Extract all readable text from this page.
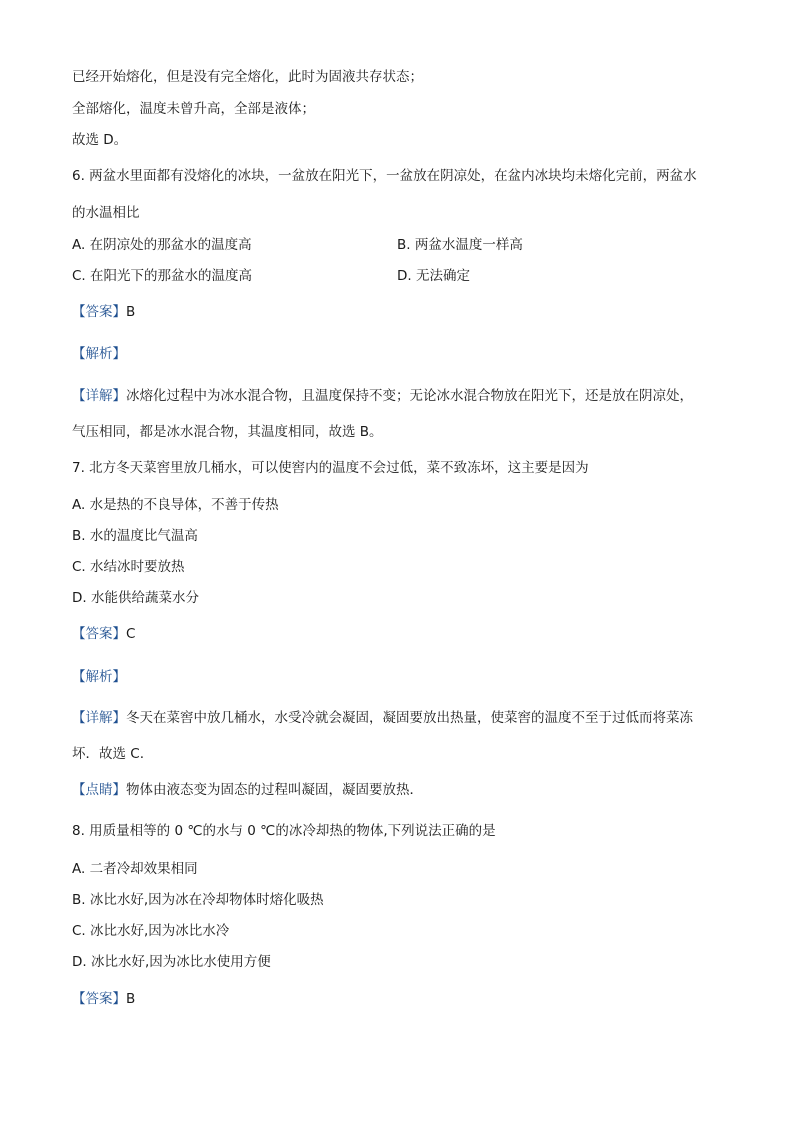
已经开始熔化，但是没有完全熔化，此时为固液共存状态；
全部熔化，温度未曾升高，全部是液体；
故选 D。
6. 两盆水里面都有没熔化的冰块，一盆放在阳光下，一盆放在阴凉处，在盆内冰块均未熔化完前，两盆水
的水温相比
A. 在阴凉处的那盆水的温度高	B. 两盆水温度一样高
C. 在阳光下的那盆水的温度高	D. 无法确定
【答案】B
【解析】
【详解】冰熔化过程中为冰水混合物，且温度保持不变；无论冰水混合物放在阳光下，还是放在阴凉处，
气压相同，都是冰水混合物，其温度相同，故选 B。
7. 北方冬天菜窖里放几桶水，可以使窖内的温度不会过低，菜不致冻坏，这主要是因为
A. 水是热的不良导体，不善于传热
B. 水的温度比气温高
C. 水结冰时要放热
D. 水能供给蔬菜水分
【答案】C
【解析】
【详解】冬天在菜窖中放几桶水，水受冷就会凝固，凝固要放出热量，使菜窖的温度不至于过低而将菜冻
坏．故选 C.
【点睛】物体由液态变为固态的过程叫凝固，凝固要放热．
8. 用质量相等的 0 ℃的水与 0 ℃的冰冷却热的物体,下列说法正确的是
A. 二者冷却效果相同
B. 冰比水好,因为冰在冷却物体时熔化吸热
C. 冰比水好,因为冰比水冷
D. 冰比水好,因为冰比水使用方便
【答案】B
